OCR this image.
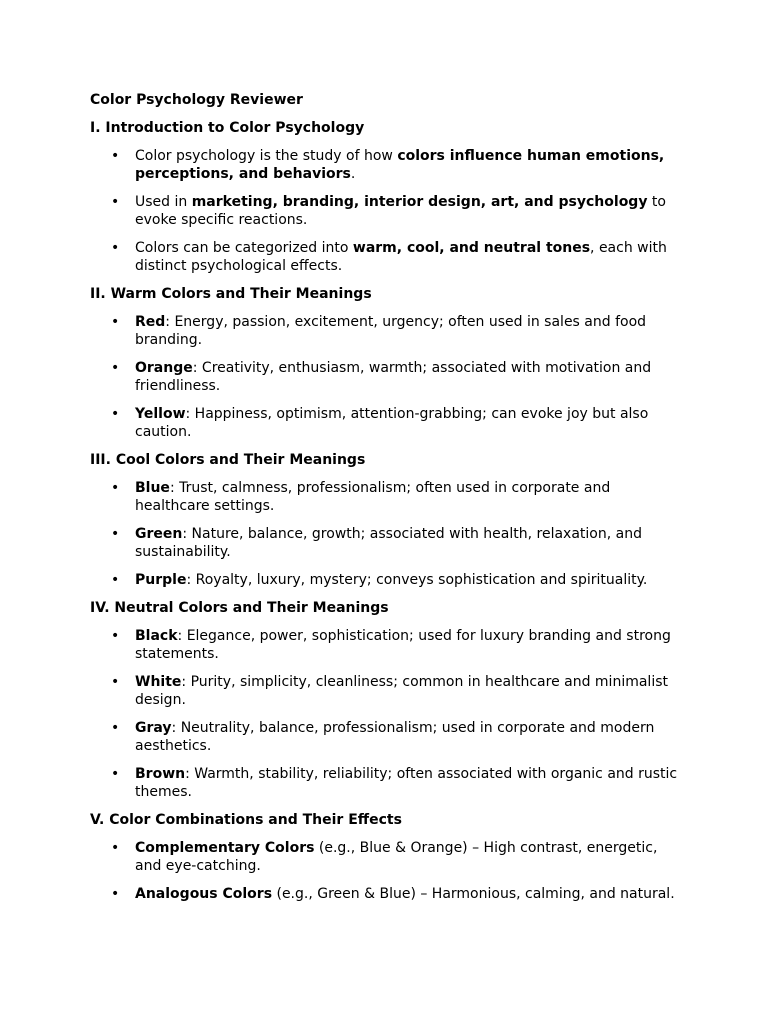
Color Psychology Reviewer
I. Introduction to Color Psychology
• Color psychology is the study of how colors influence human emotions, perceptions, and behaviors.
• Used in marketing, branding, interior design, art, and psychology to evoke specific reactions.
• Colors can be categorized into warm, cool, and neutral tones, each with distinct psychological effects.
II. Warm Colors and Their Meanings
• Red: Energy, passion, excitement, urgency; often used in sales and food branding.
• Orange: Creativity, enthusiasm, warmth; associated with motivation and friendliness.
• Yellow: Happiness, optimism, attention-grabbing; can evoke joy but also caution.
III. Cool Colors and Their Meanings
• Blue: Trust, calmness, professionalism; often used in corporate and healthcare settings.
• Green: Nature, balance, growth; associated with health, relaxation, and sustainability.
• Purple: Royalty, luxury, mystery; conveys sophistication and spirituality.
IV. Neutral Colors and Their Meanings
• Black: Elegance, power, sophistication; used for luxury branding and strong statements.
• White: Purity, simplicity, cleanliness; common in healthcare and minimalist design.
• Gray: Neutrality, balance, professionalism; used in corporate and modern aesthetics.
• Brown: Warmth, stability, reliability; often associated with organic and rustic themes.
V. Color Combinations and Their Effects
• Complementary Colors (e.g., Blue & Orange) – High contrast, energetic, and eye-catching.
• Analogous Colors (e.g., Green & Blue) – Harmonious, calming, and natural.
